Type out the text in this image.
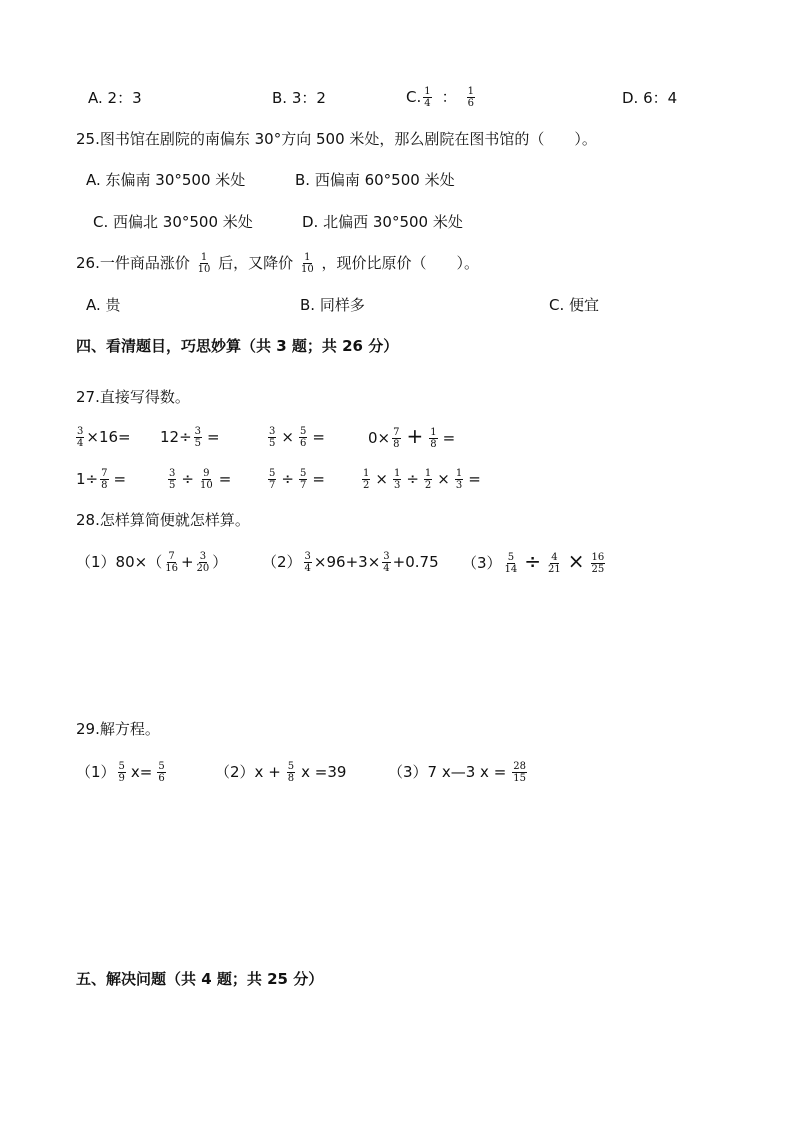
A. 2：3	B. 3：2	C. $\frac{1}{4}$ ： $\frac{1}{6}$	D. 6：4
25.图书馆在剧院的南偏东 30°方向 500 米处，那么剧院在图书馆的（　　）。
A. 东偏南 30°500 米处	B. 西偏南 60°500 米处
C. 西偏北 30°500 米处	D. 北偏西 30°500 米处
26.一件商品涨价 $\frac{1}{10}$ 后，又降价 $\frac{1}{10}$ ，现价比原价（　　）。
A. 贵	B. 同样多	C. 便宜
四、看清题目，巧思妙算（共 3 题；共 26 分）
27.直接写得数。
$\frac{3}{4} \times 16= 12\div \frac{3}{5}$ =	$\frac{3}{5} \times \frac{5}{6}$ =	$0\times \frac{7}{8} + \frac{1}{8}$ =
$1\div \frac{7}{8}$ =	$\frac{3}{5} \div \frac{9}{10}$ =	$\frac{5}{7} \div \frac{5}{7}$ =	$\frac{1}{2} \times \frac{1}{3} \div \frac{1}{2} \times \frac{1}{3}$ =
28.怎样算简便就怎样算。
$(1)80\times( \frac{7}{16} + \frac{3}{20}$ ） $(2) \frac{3}{4} \times 96+3\times \frac{3}{4} +0.75$ $(3) \frac{5}{14} \div \frac{4}{21} \times \frac{16}{25}$
29.解方程。
$(1) \frac{5}{9} x= \frac{5}{6}$	$(2)x + \frac{5}{8}$ x =39	（3）7 x—3 $x = \frac{28}{15}$
五、解决问题（共 4 题；共 25 分）
